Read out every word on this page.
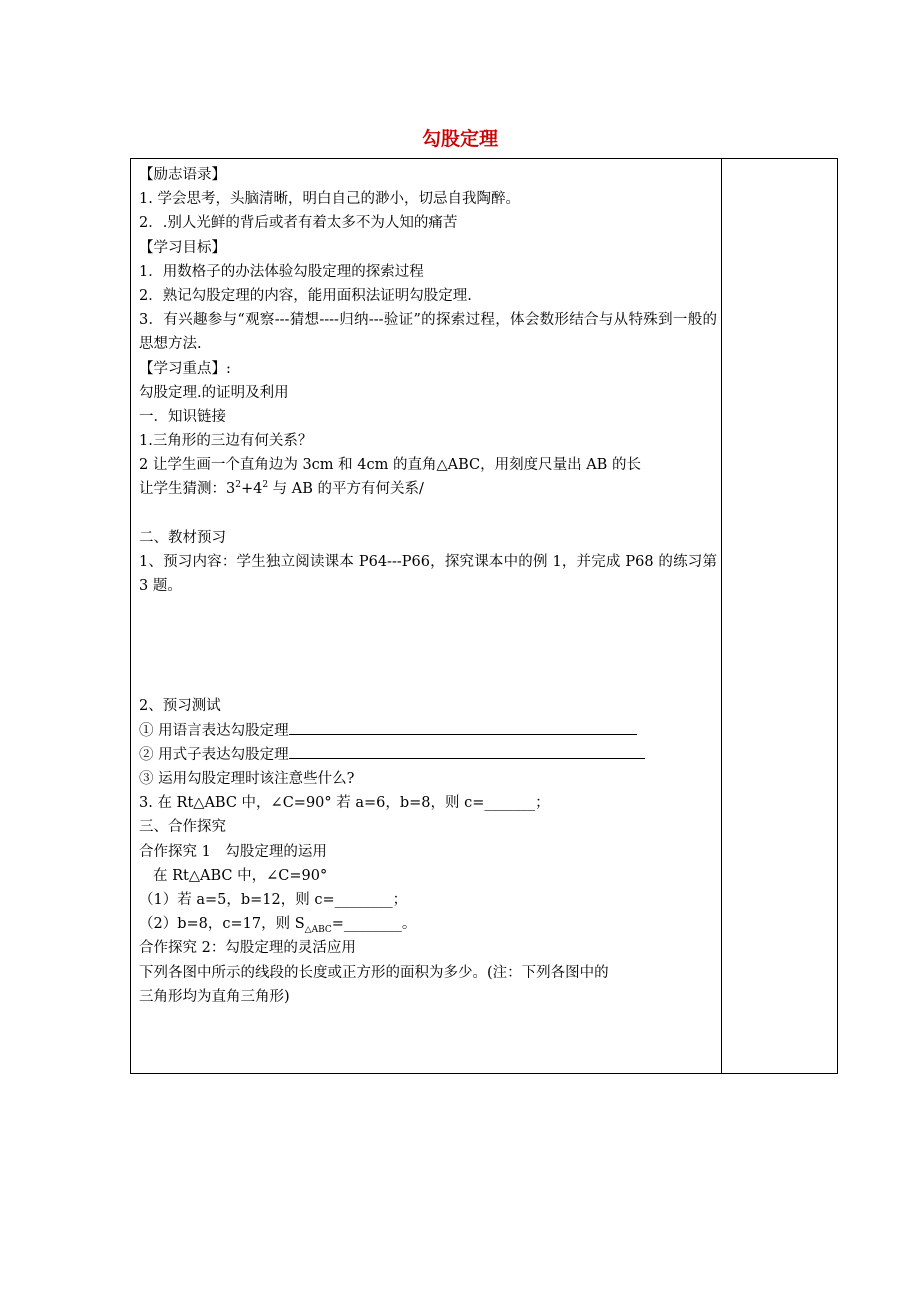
勾股定理
【励志语录】
1. 学会思考，头脑清晰，明白自己的渺小，切忌自我陶醉。
2．.别人光鲜的背后或者有着太多不为人知的痛苦
【学习目标】
1．用数格子的办法体验勾股定理的探索过程
2．熟记勾股定理的内容，能用面积法证明勾股定理.
3．有兴趣参与“观察---猜想----归纳---验证”的探索过程，体会数形结合与从特殊到一般的思想方法.
【学习重点】:
勾股定理.的证明及利用
一．知识链接
1.三角形的三边有何关系？
2 让学生画一个直角边为 3cm 和 4cm 的直角△ABC，用刻度尺量出 AB 的长
让学生猜测：$3^2+4^2$ 与 AB 的平方有何关系/
二、教材预习
1、预习内容：学生独立阅读课本 P64---P66，探究课本中的例 1，并完成 P68 的练习第 3 题。
2、预习测试
① 用语言表达勾股定理
② 用式子表达勾股定理
③ 运用勾股定理时该注意些什么?
3. 在 Rt△ABC 中，∠C=90° 若 a=6，b=8，则 c=_______；
三、合作探究
合作探究 1　勾股定理的运用
在 Rt△ABC 中，∠C=90°
（1）若 a=5，b=12，则 c=________；
（2）b=8，c=17，则 $S_{\triangle ABC}=\_\_\_\_\_\_\_\_$。
合作探究 2：勾股定理的灵活应用
下列各图中所示的线段的长度或正方形的面积为多少。(注：下列各图中的
三角形均为直角三角形)
